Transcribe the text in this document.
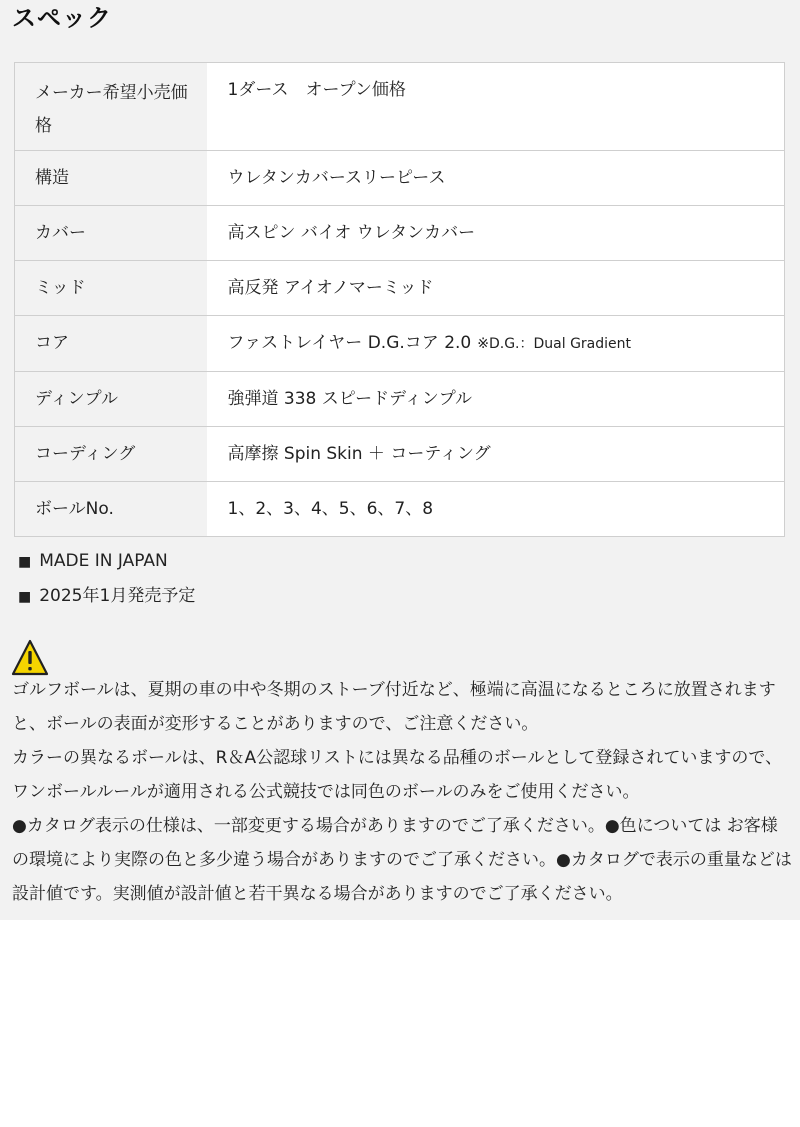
スペック
メーカー希望小売価格	1ダース　オープン価格
構造	ウレタンカバースリーピース
カバー	高スピン バイオ ウレタンカバー
ミッド	高反発 アイオノマーミッド
コア	ファストレイヤー D.G.コア 2.0 ※D.G.：Dual Gradient
ディンプル	強弾道 338 スピードディンプル
コーディング	高摩擦 Spin Skin ＋ コーティング
ボールNo.	1、2、3、4、5、6、7、8
■ MADE IN JAPAN
■ 2025年1月発売予定

ゴルフボールは、夏期の車の中や冬期のストーブ付近など、極端に高温になるところに放置されますと、ボールの表面が変形することがありますので、ご注意ください。

カラーの異なるボールは、R＆A公認球リストには異なる品種のボールとして登録されていますので、ワンボールルールが適用される公式競技では同色のボールのみをご使用ください。

●カタログ表示の仕様は、一部変更する場合がありますのでご了承ください。●色については お客様の環境により実際の色と多少違う場合がありますのでご了承ください。●カタログで表示の重量などは設計値です。実測値が設計値と若干異なる場合がありますのでご了承ください。
